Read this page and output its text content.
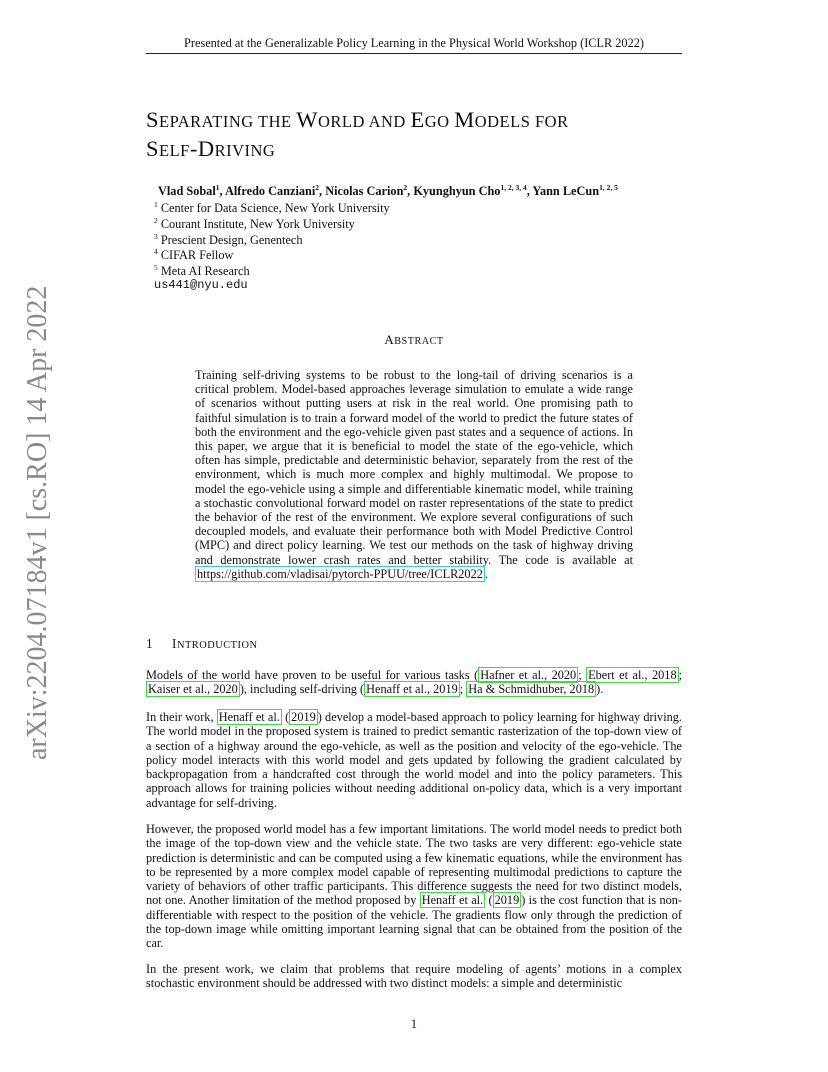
Presented at the Generalizable Policy Learning in the Physical World Workshop (ICLR 2022)
SEPARATING THE WORLD AND EGO MODELS FOR
SELF-DRIVING
Vlad Sobal$^1$, Alfredo Canziani$^2$, Nicolas Carion$^2$, Kyunghyun Cho$^{1, 2, 3, 4}$, Yann LeCun$^{1, 2, 5}$
$^1$ Center for Data Science, New York University
$^2$ Courant Institute, New York University
$^3$ Prescient Design, Genentech
$^4$ CIFAR Fellow
$^5$ Meta AI Research
us441@nyu.edu
ABSTRACT
Training self-driving systems to be robust to the long-tail of driving scenarios is a critical problem. Model-based approaches leverage simulation to emulate a wide range of scenarios without putting users at risk in the real world. One promising path to faithful simulation is to train a forward model of the world to predict the future states of both the environment and the ego-vehicle given past states and a sequence of actions. In this paper, we argue that it is beneficial to model the state of the ego-vehicle, which often has simple, predictable and deterministic behavior, separately from the rest of the environment, which is much more complex and highly multimodal. We propose to model the ego-vehicle using a simple and differentiable kinematic model, while training a stochastic convolutional forward model on raster representations of the state to predict the behavior of the rest of the environment. We explore several configurations of such decoupled models, and evaluate their performance both with Model Predictive Control (MPC) and direct policy learning. We test our methods on the task of highway driving and demonstrate lower crash rates and better stability. The code is available at https://github.com/vladisai/pytorch-PPUU/tree/ICLR2022 .
1 INTRODUCTION
Models of the world have proven to be useful for various tasks ( Hafner et al., 2020 ; Ebert et al., 2018 ; Kaiser et al., 2020 ), including self-driving ( Henaff et al., 2019 ; Ha & Schmidhuber, 2018 ).
In their work, Henaff et al. ( 2019 ) develop a model-based approach to policy learning for highway driving. The world model in the proposed system is trained to predict semantic rasterization of the top-down view of a section of a highway around the ego-vehicle, as well as the position and velocity of the ego-vehicle. The policy model interacts with this world model and gets updated by following the gradient calculated by backpropagation from a handcrafted cost through the world model and into the policy parameters. This approach allows for training policies without needing additional on-policy data, which is a very important advantage for self-driving.
However, the proposed world model has a few important limitations. The world model needs to predict both the image of the top-down view and the vehicle state. The two tasks are very different: ego-vehicle state prediction is deterministic and can be computed using a few kinematic equations, while the environment has to be represented by a more complex model capable of representing multimodal predictions to capture the variety of behaviors of other traffic participants. This difference suggests the need for two distinct models, not one. Another limitation of the method proposed by Henaff et al. ( 2019 ) is the cost function that is non-differentiable with respect to the position of the vehicle. The gradients flow only through the prediction of the top-down image while omitting important learning signal that can be obtained from the position of the car.
In the present work, we claim that problems that require modeling of agents’ motions in a complex stochastic environment should be addressed with two distinct models: a simple and deterministic
arXiv:2204.07184v1 [cs.RO] 14 Apr 2022
1
